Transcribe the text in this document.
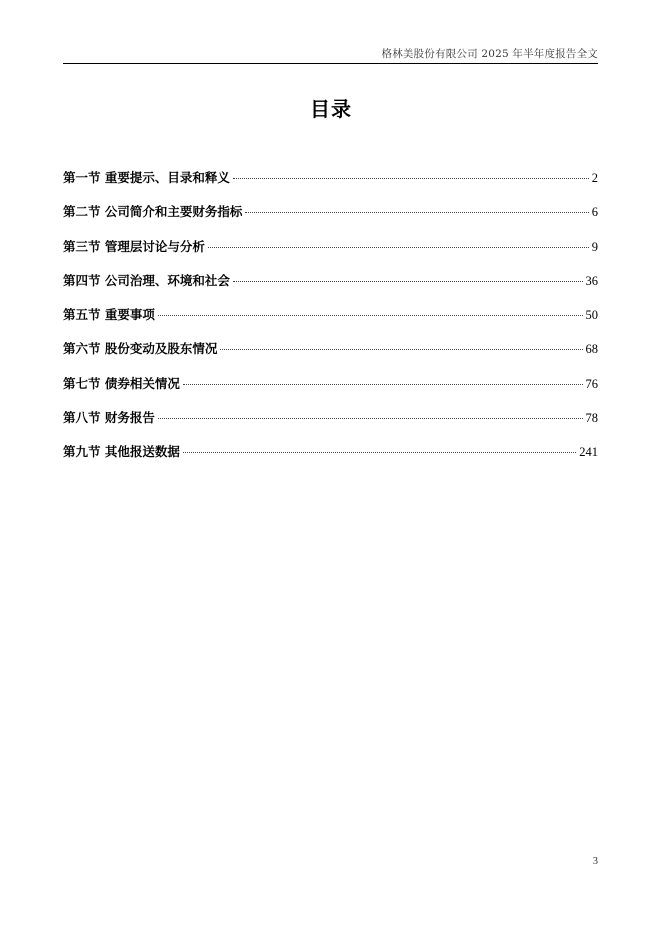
格林美股份有限公司 2025 年半年度报告全文
目录
第一节 重要提示、目录和释义	2
第二节 公司简介和主要财务指标	6
第三节 管理层讨论与分析	9
第四节 公司治理、环境和社会	36
第五节 重要事项	50
第六节 股份变动及股东情况	68
第七节 债券相关情况	76
第八节 财务报告	78
第九节 其他报送数据	241
3
